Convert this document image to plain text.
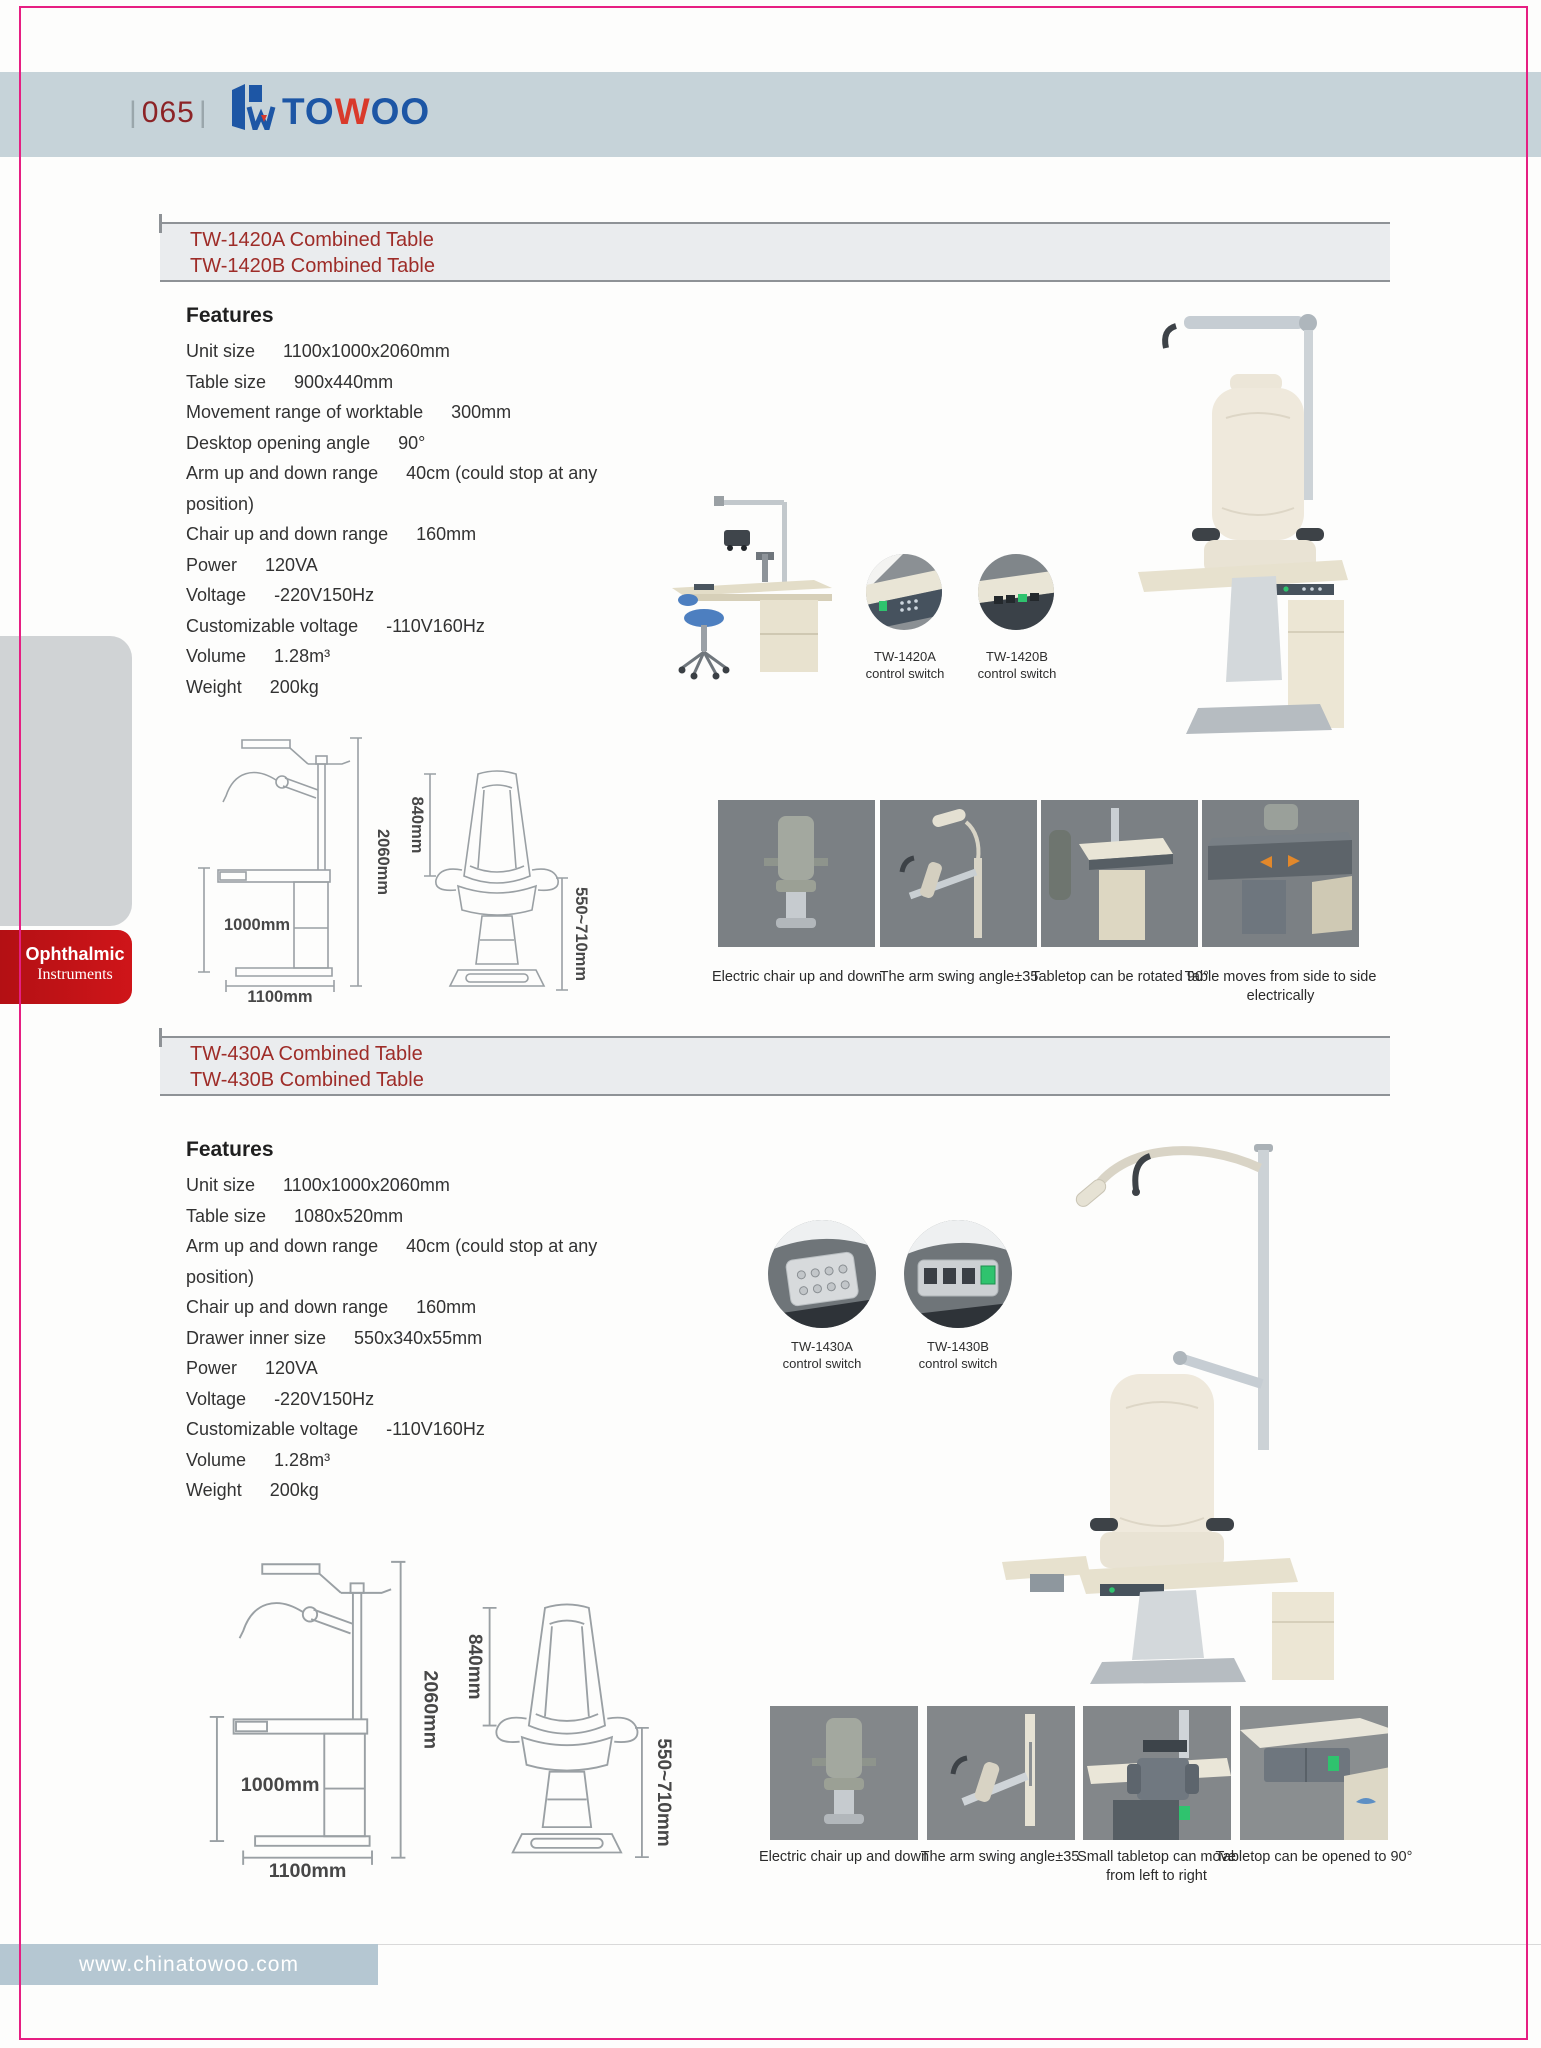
| 065 | TOWOO
Ophthalmic
Instruments
TW-1420A Combined Table
TW-1420B Combined Table
Features
Unit size 1100x1000x2060mm
Table size 900x440mm
Movement range of worktable 300mm
Desktop opening angle 90°
Arm up and down range 40cm (could stop at any
position)
Chair up and down range 160mm
Power 120VA
Voltage -220V150Hz
Customizable voltage -110V160Hz
Volume 1.28m³
Weight 200kg
TW-1420A
control switch
TW-1420B
control switch
Electric chair up and down
The arm swing angle±35
Tabletop can be rotated 90°
Table moves from side to side electrically
2060mm
1000mm
1100mm
840mm
550~710mm
TW-430A Combined Table
TW-430B Combined Table
Features
Unit size 1100x1000x2060mm
Table size 1080x520mm
Arm up and down range 40cm (could stop at any
position)
Chair up and down range 160mm
Drawer inner size 550x340x55mm
Power 120VA
Voltage -220V150Hz
Customizable voltage -110V160Hz
Volume 1.28m³
Weight 200kg
TW-1430A
control switch
TW-1430B
control switch
Electric chair up and down
The arm swing angle±35
Small tabletop can move from left to right
Tabletop can be opened to 90°
2060mm
1000mm
1100mm
840mm
550~710mm
www.chinatowoo.com
